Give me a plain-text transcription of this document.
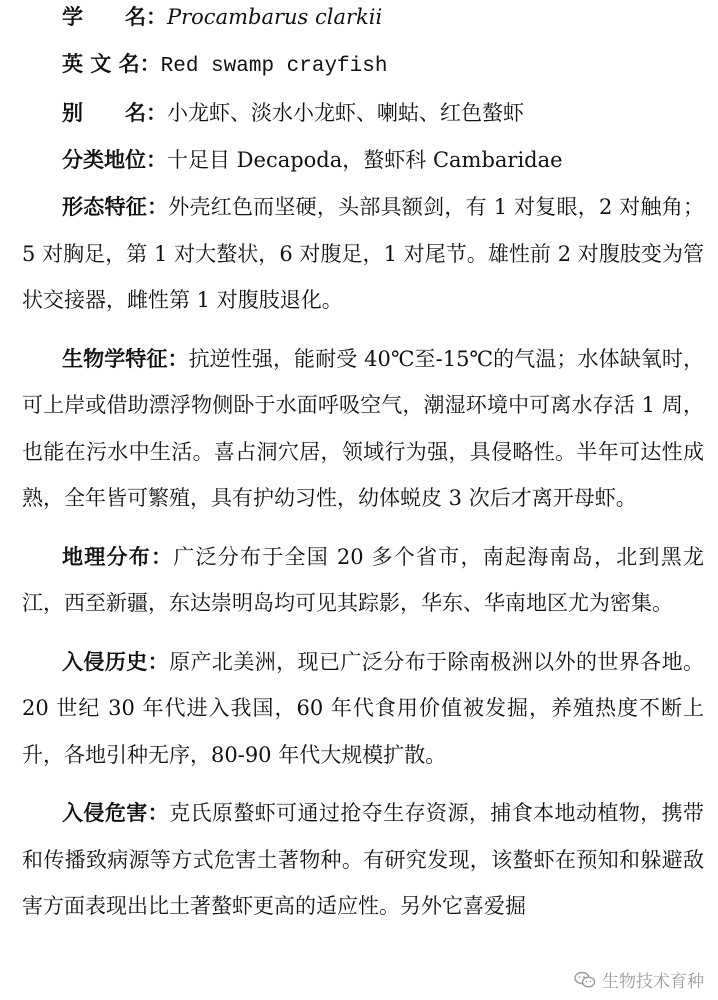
学　　名：Procambarus clarkii

英 文 名：Red swamp crayfish

别　　名：小龙虾、淡水小龙虾、喇蛄、红色螯虾

分类地位：十足目 Decapoda，螯虾科 Cambaridae

形态特征：外壳红色而坚硬，头部具额剑，有 1 对复眼，2 对触角；5 对胸足，第 1 对大螯状，6 对腹足，1 对尾节。雄性前 2 对腹肢变为管状交接器，雌性第 1 对腹肢退化。

生物学特征：抗逆性强，能耐受 40℃至-15℃的气温；水体缺氧时，可上岸或借助漂浮物侧卧于水面呼吸空气，潮湿环境中可离水存活 1 周，也能在污水中生活。喜占洞穴居，领域行为强，具侵略性。半年可达性成熟，全年皆可繁殖，具有护幼习性，幼体蜕皮 3 次后才离开母虾。

地理分布：广泛分布于全国 20 多个省市，南起海南岛，北到黑龙江，西至新疆，东达崇明岛均可见其踪影，华东、华南地区尤为密集。

入侵历史：原产北美洲，现已广泛分布于除南极洲以外的世界各地。20 世纪 30 年代进入我国，60 年代食用价值被发掘，养殖热度不断上升，各地引种无序，80-90 年代大规模扩散。

入侵危害：克氏原螯虾可通过抢夺生存资源，捕食本地动植物，携带和传播致病源等方式危害土著物种。有研究发现，该螯虾在预知和躲避敌害方面表现出比土著螯虾更高的适应性。另外它喜爱掘

生物技术育种
